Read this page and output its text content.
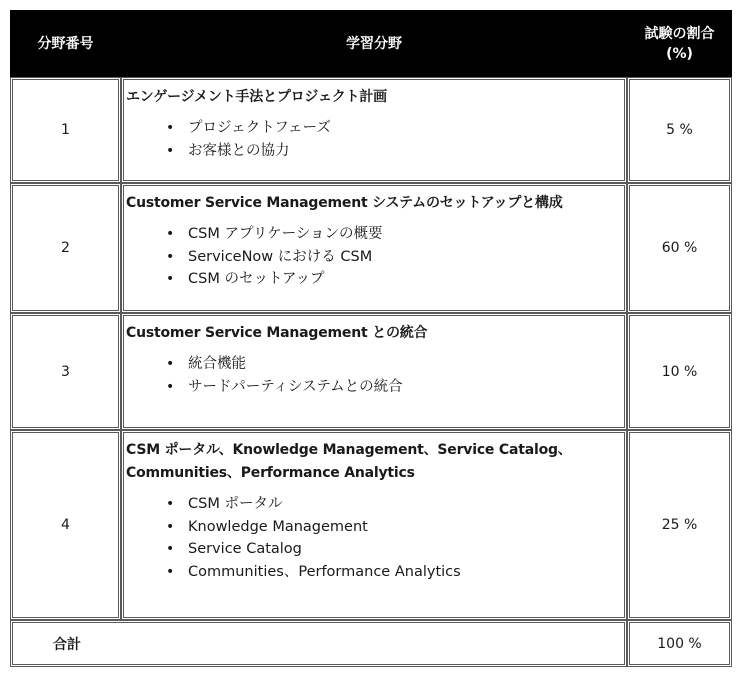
分野番号	学習分野
試験の割合
(%)
1

エンゲージメント手法とプロジェクト計画

• プロジェクトフェーズ
• お客様との協力
5 %
2

Customer Service Management システムのセットアップと構成

• CSM アプリケーションの概要
• ServiceNow における CSM
• CSM のセットアップ
60 %
3

Customer Service Management との統合

• 統合機能
• サードパーティシステムとの統合
10 %
4

CSM ポータル、Knowledge Management、Service Catalog、

Communities、Performance Analytics

• CSM ポータル
• Knowledge Management
• Service Catalog
• Communities、Performance Analytics
25 %
合計	100 %
